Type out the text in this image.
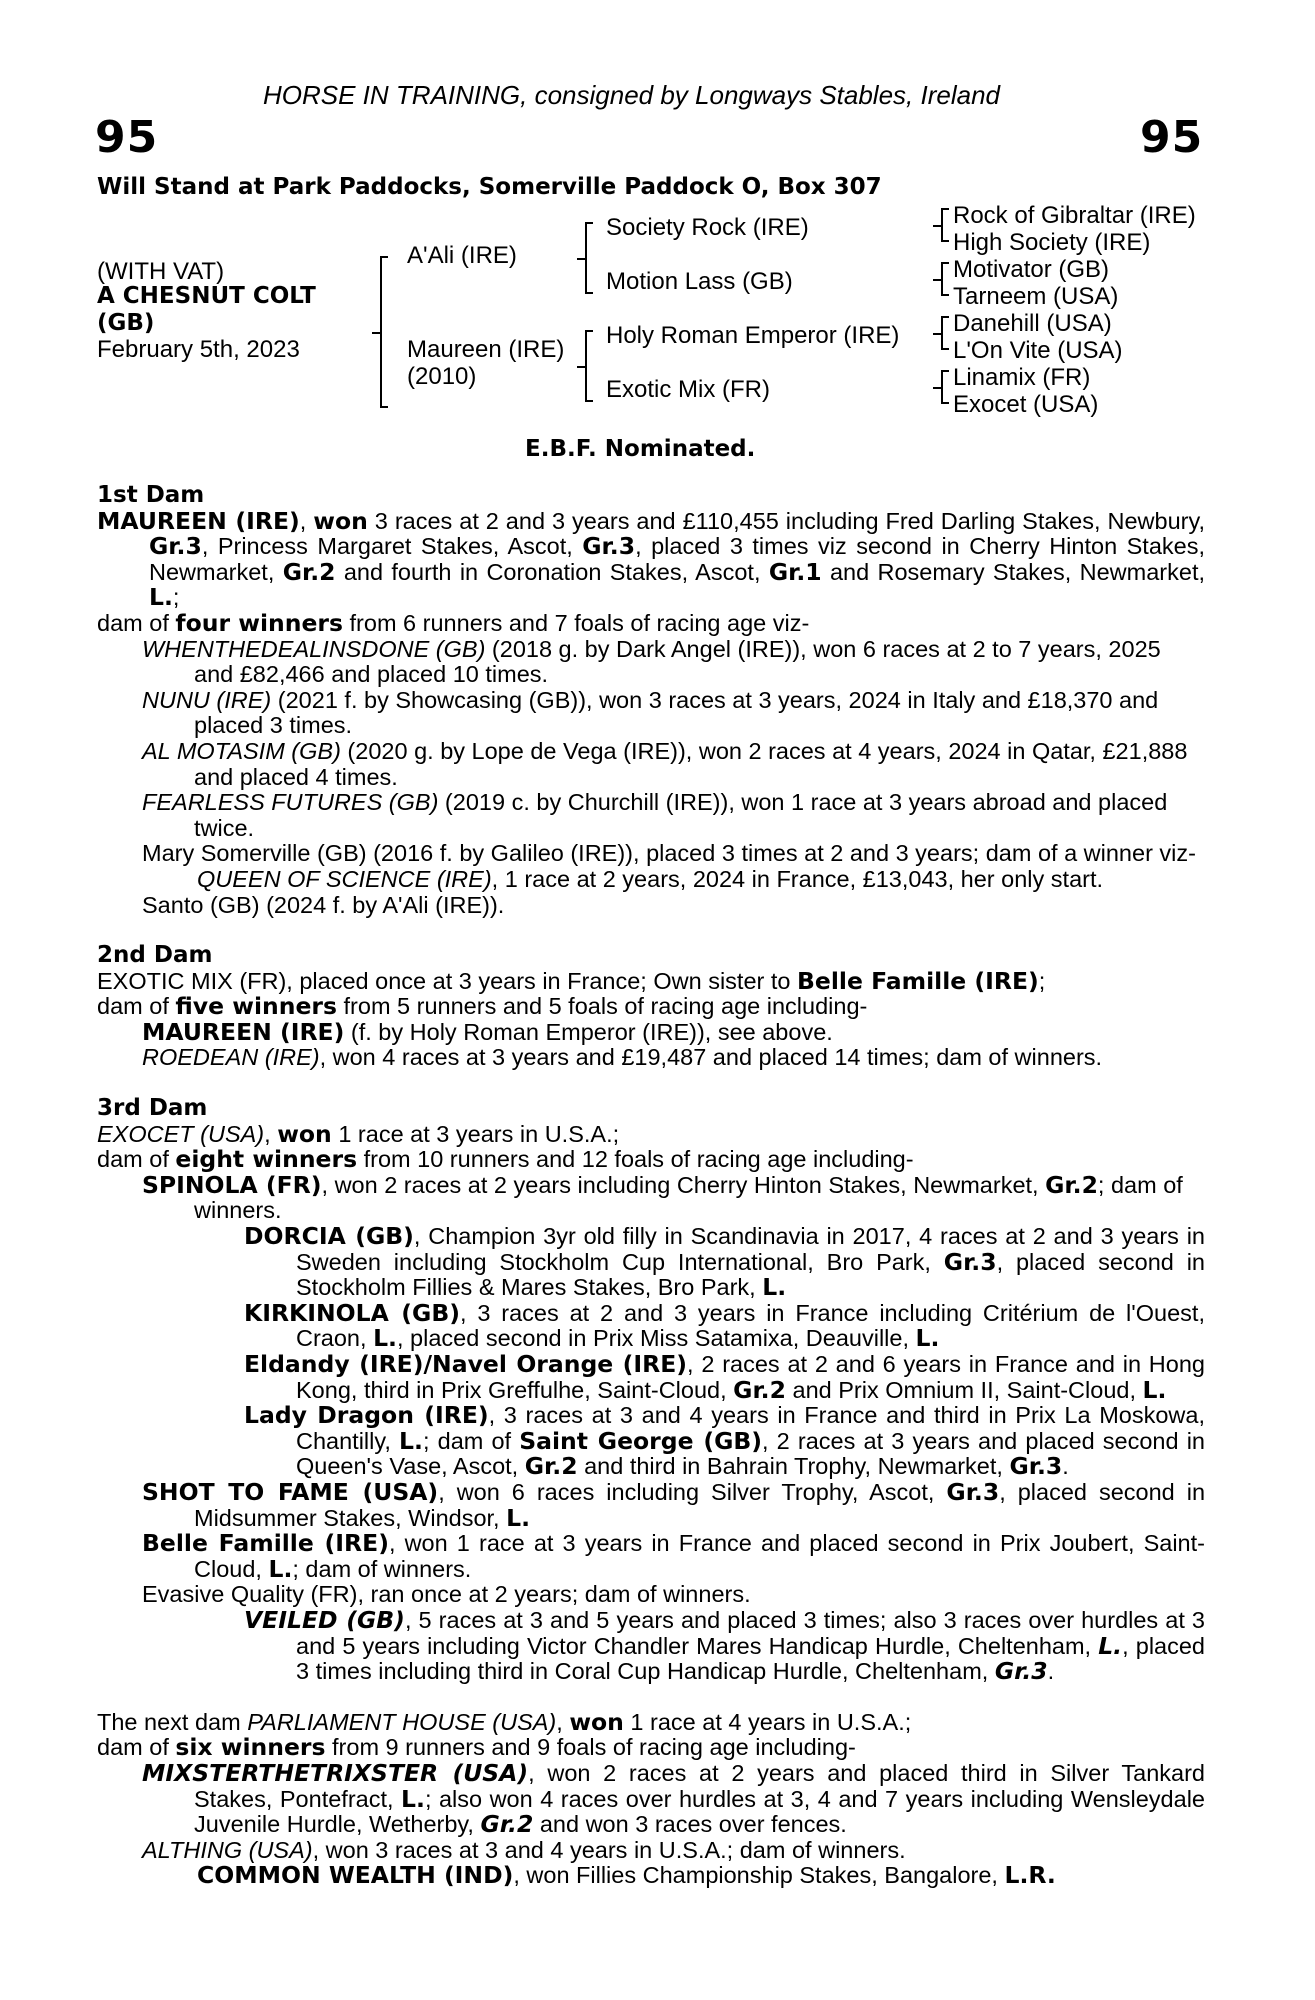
HORSE IN TRAINING, consigned by Longways Stables, Ireland
95	95
Will Stand at Park Paddocks, Somerville Paddock O, Box 307
(WITH VAT)
A CHESNUT COLT
(GB)
February 5th, 2023
A'Ali (IRE)
Maureen (IRE)
(2010)
Society Rock (IRE)
Motion Lass (GB)
Holy Roman Emperor (IRE)
Exotic Mix (FR)
Rock of Gibraltar (IRE)
High Society (IRE)
Motivator (GB)
Tarneem (USA)
Danehill (USA)
L'On Vite (USA)
Linamix (FR)
Exocet (USA)
E.B.F. Nominated.

1st Dam

MAUREEN (IRE), won 3 races at 2 and 3 years and £110,455 including Fred Darling Stakes, Newbury, Gr.3, Princess Margaret Stakes, Ascot, Gr.3, placed 3 times viz second in Cherry Hinton Stakes, Newmarket, Gr.2 and fourth in Coronation Stakes, Ascot, Gr.1 and Rosemary Stakes, Newmarket, L.;

dam of four winners from 6 runners and 7 foals of racing age viz-

WHENTHEDEALINSDONE (GB) (2018 g. by Dark Angel (IRE)), won 6 races at 2 to 7 years, 2025 and £82,466 and placed 10 times.

NUNU (IRE) (2021 f. by Showcasing (GB)), won 3 races at 3 years, 2024 in Italy and £18,370 and placed 3 times.

AL MOTASIM (GB) (2020 g. by Lope de Vega (IRE)), won 2 races at 4 years, 2024 in Qatar, £21,888 and placed 4 times.

FEARLESS FUTURES (GB) (2019 c. by Churchill (IRE)), won 1 race at 3 years abroad and placed twice.

Mary Somerville (GB) (2016 f. by Galileo (IRE)), placed 3 times at 2 and 3 years; dam of a winner viz-

QUEEN OF SCIENCE (IRE), 1 race at 2 years, 2024 in France, £13,043, her only start.

Santo (GB) (2024 f. by A'Ali (IRE)).

2nd Dam

EXOTIC MIX (FR), placed once at 3 years in France; Own sister to Belle Famille (IRE);

dam of five winners from 5 runners and 5 foals of racing age including-

MAUREEN (IRE) (f. by Holy Roman Emperor (IRE)), see above.

ROEDEAN (IRE), won 4 races at 3 years and £19,487 and placed 14 times; dam of winners.

3rd Dam

EXOCET (USA), won 1 race at 3 years in U.S.A.;

dam of eight winners from 10 runners and 12 foals of racing age including-

SPINOLA (FR), won 2 races at 2 years including Cherry Hinton Stakes, Newmarket, Gr.2; dam of winners.

DORCIA (GB), Champion 3yr old filly in Scandinavia in 2017, 4 races at 2 and 3 years in Sweden including Stockholm Cup International, Bro Park, Gr.3, placed second in Stockholm Fillies & Mares Stakes, Bro Park, L.

KIRKINOLA (GB), 3 races at 2 and 3 years in France including Critérium de l'Ouest, Craon, L., placed second in Prix Miss Satamixa, Deauville, L.

Eldandy (IRE)/Navel Orange (IRE), 2 races at 2 and 6 years in France and in Hong Kong, third in Prix Greffulhe, Saint-Cloud, Gr.2 and Prix Omnium II, Saint-Cloud, L.

Lady Dragon (IRE), 3 races at 3 and 4 years in France and third in Prix La Moskowa, Chantilly, L.; dam of Saint George (GB), 2 races at 3 years and placed second in Queen's Vase, Ascot, Gr.2 and third in Bahrain Trophy, Newmarket, Gr.3.

SHOT TO FAME (USA), won 6 races including Silver Trophy, Ascot, Gr.3, placed second in Midsummer Stakes, Windsor, L.

Belle Famille (IRE), won 1 race at 3 years in France and placed second in Prix Joubert, Saint-Cloud, L.; dam of winners.

Evasive Quality (FR), ran once at 2 years; dam of winners.

VEILED (GB), 5 races at 3 and 5 years and placed 3 times; also 3 races over hurdles at 3 and 5 years including Victor Chandler Mares Handicap Hurdle, Cheltenham, L., placed 3 times including third in Coral Cup Handicap Hurdle, Cheltenham, Gr.3.

The next dam PARLIAMENT HOUSE (USA), won 1 race at 4 years in U.S.A.;

dam of six winners from 9 runners and 9 foals of racing age including-

MIXSTERTHETRIXSTER (USA), won 2 races at 2 years and placed third in Silver Tankard Stakes, Pontefract, L.; also won 4 races over hurdles at 3, 4 and 7 years including Wensleydale Juvenile Hurdle, Wetherby, Gr.2 and won 3 races over fences.

ALTHING (USA), won 3 races at 3 and 4 years in U.S.A.; dam of winners.

COMMON WEALTH (IND), won Fillies Championship Stakes, Bangalore, L.R.
